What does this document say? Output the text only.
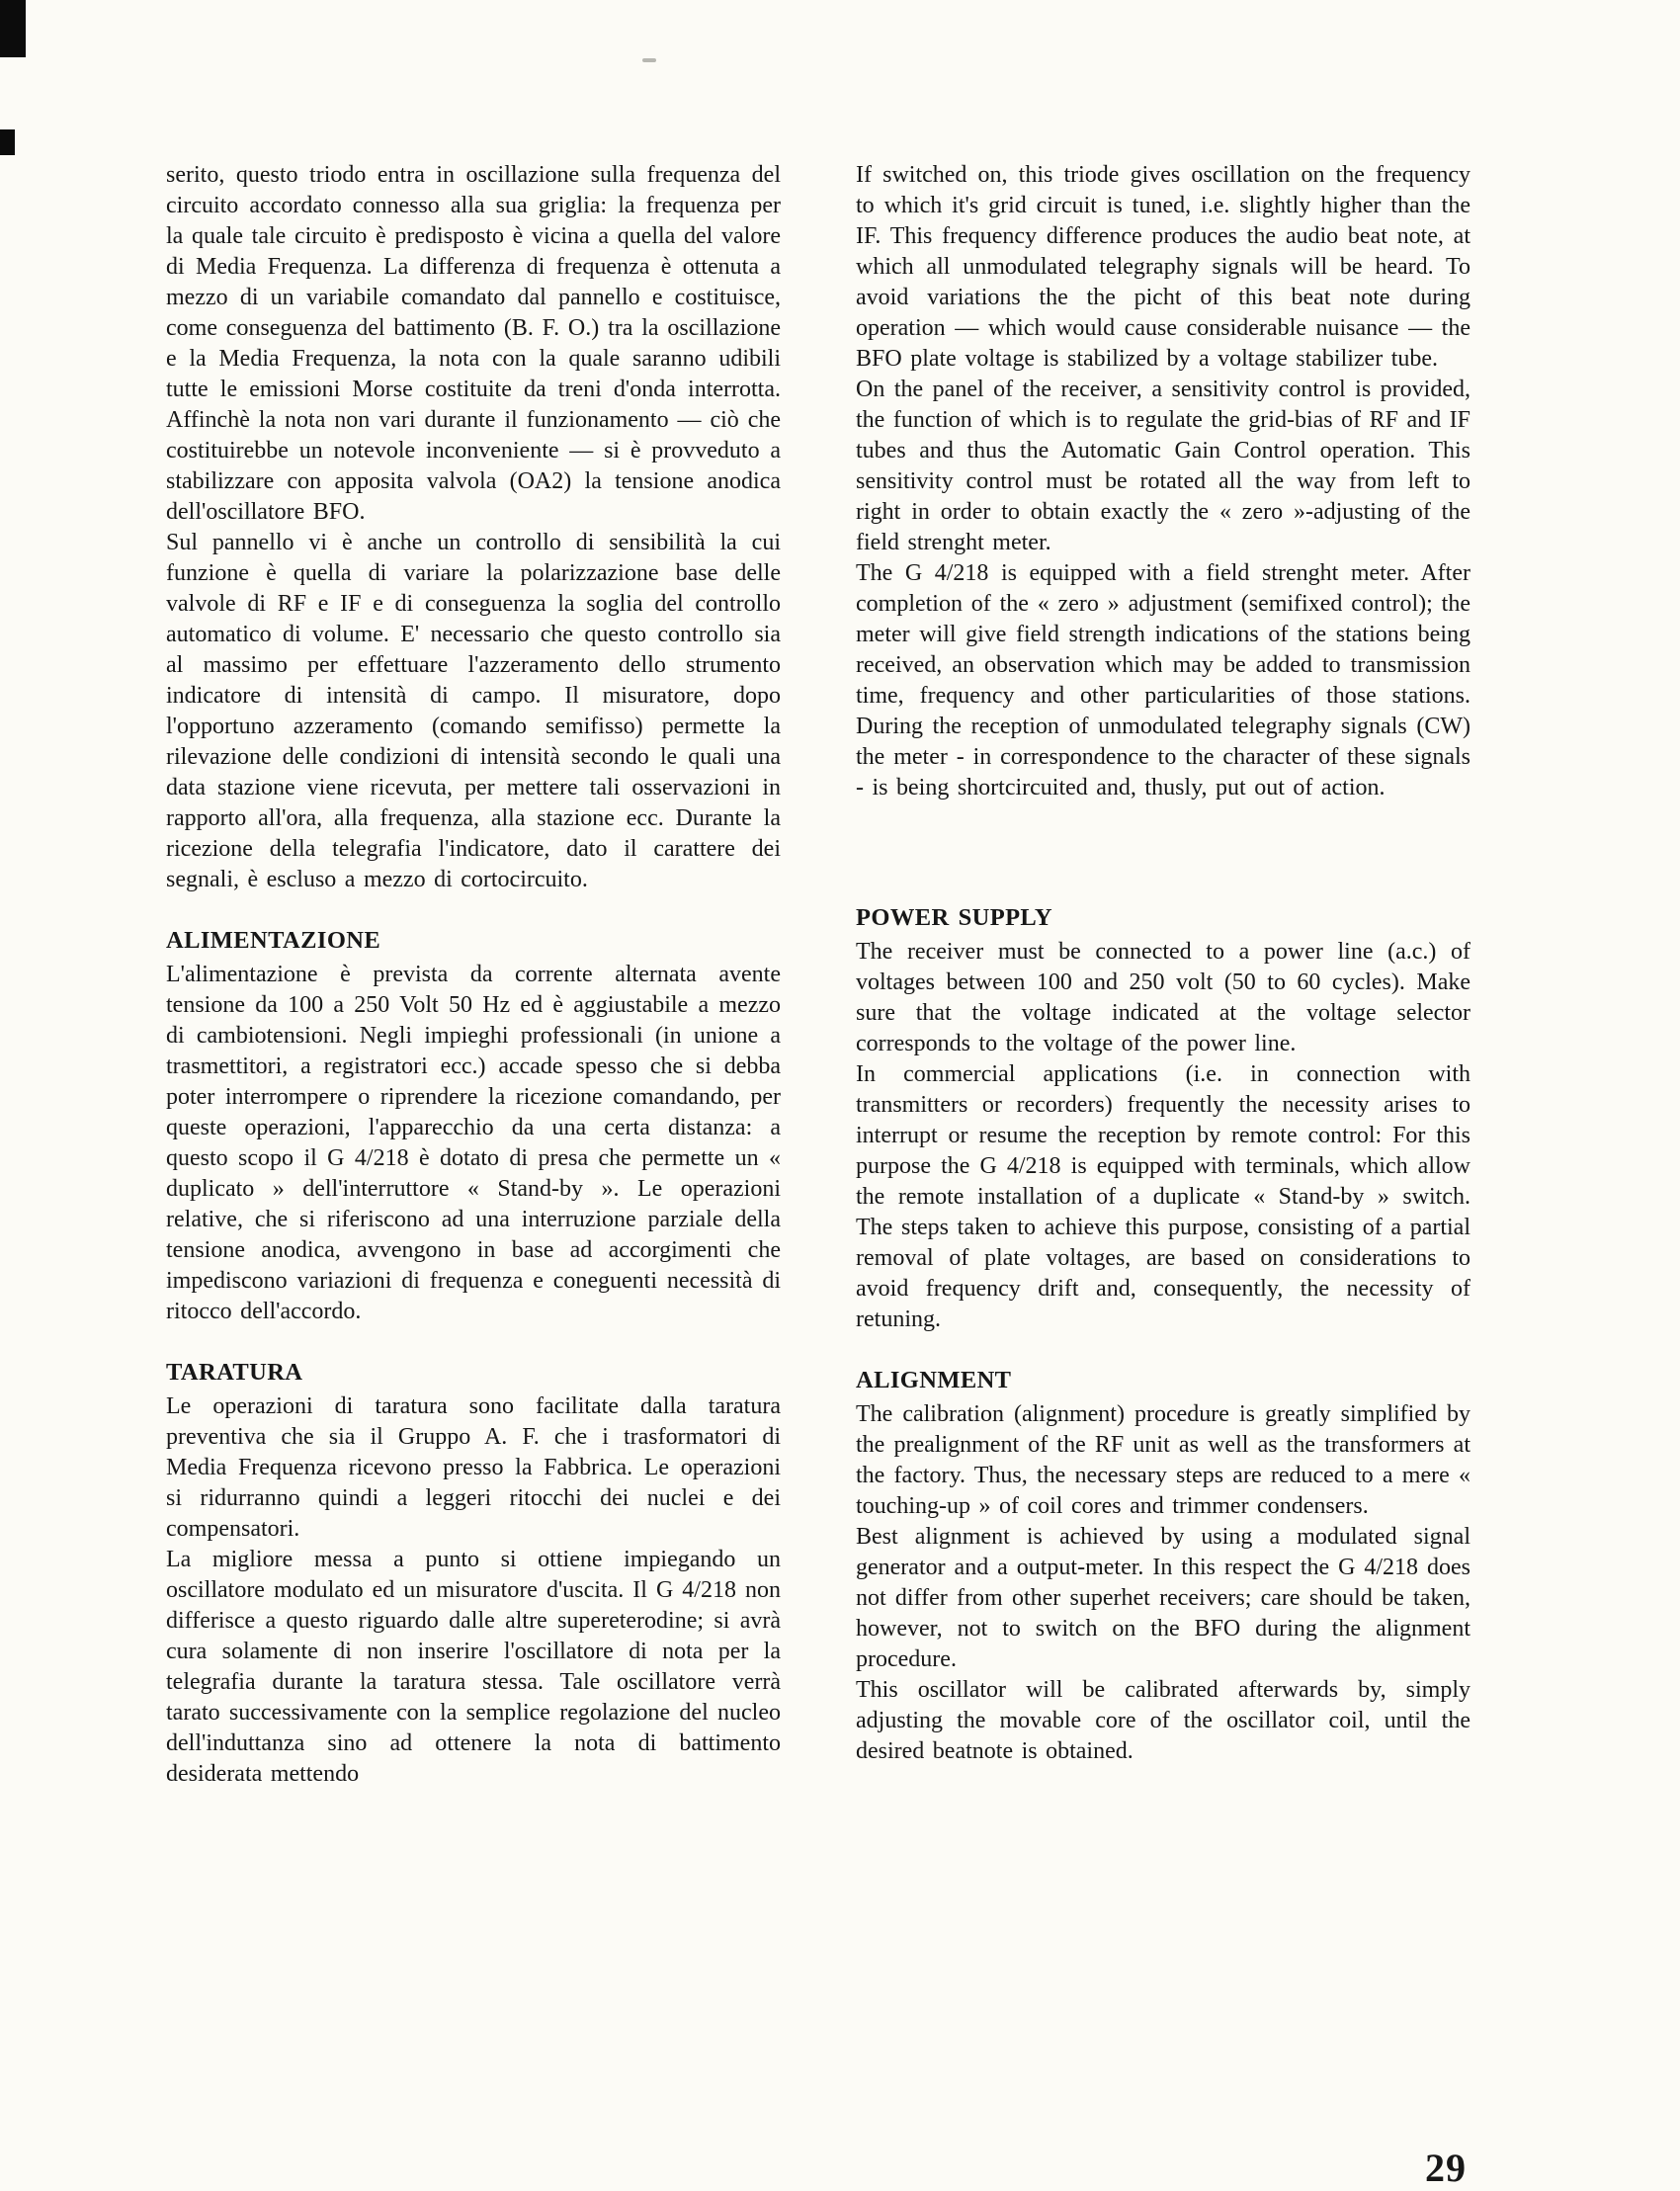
serito, questo triodo entra in oscillazione sulla frequenza del circuito accordato connesso alla sua griglia: la frequenza per la quale tale circuito è predisposto è vicina a quella del valore di Media Frequenza. La differenza di frequenza è ottenuta a mezzo di un variabile comandato dal pannello e costituisce, come conseguenza del battimento (B. F. O.) tra la oscillazione e la Media Frequenza, la nota con la quale saranno udibili tutte le emissioni Morse costituite da treni d'onda interrotta. Affinchè la nota non vari durante il funzionamento — ciò che costituirebbe un notevole inconveniente — si è provveduto a stabilizzare con apposita valvola (OA2) la tensione anodica dell'oscillatore BFO.

Sul pannello vi è anche un controllo di sensibilità la cui funzione è quella di variare la polarizzazione base delle valvole di RF e IF e di conseguenza la soglia del controllo automatico di volume. E' necessario che questo controllo sia al massimo per effettuare l'azzeramento dello strumento indicatore di intensità di campo. Il misuratore, dopo l'opportuno azzeramento (comando semifisso) permette la rilevazione delle condizioni di intensità secondo le quali una data stazione viene ricevuta, per mettere tali osservazioni in rapporto all'ora, alla frequenza, alla stazione ecc. Durante la ricezione della telegrafia l'indicatore, dato il carattere dei segnali, è escluso a mezzo di cortocircuito.

ALIMENTAZIONE

L'alimentazione è prevista da corrente alternata avente tensione da 100 a 250 Volt 50 Hz ed è aggiustabile a mezzo di cambiotensioni. Negli impieghi professionali (in unione a trasmettitori, a registratori ecc.) accade spesso che si debba poter interrompere o riprendere la ricezione comandando, per queste operazioni, l'apparecchio da una certa distanza: a questo scopo il G 4/218 è dotato di presa che permette un « duplicato » dell'interruttore « Stand-by ». Le operazioni relative, che si riferiscono ad una interruzione parziale della tensione anodica, avvengono in base ad accorgimenti che impediscono variazioni di frequenza e coneguenti necessità di ritocco dell'accordo.

TARATURA

Le operazioni di taratura sono facilitate dalla taratura preventiva che sia il Gruppo A. F. che i trasformatori di Media Frequenza ricevono presso la Fabbrica. Le operazioni si ridurranno quindi a leggeri ritocchi dei nuclei e dei compensatori.

La migliore messa a punto si ottiene impiegando un oscillatore modulato ed un misuratore d'uscita. Il G 4/218 non differisce a questo riguardo dalle altre supereterodine; si avrà cura solamente di non inserire l'oscillatore di nota per la telegrafia durante la taratura stessa. Tale oscillatore verrà tarato successivamente con la semplice regolazione del nucleo dell'induttanza sino ad ottenere la nota di battimento desiderata mettendo

If switched on, this triode gives oscillation on the frequency to which it's grid circuit is tuned, i.e. slightly higher than the IF. This frequency difference produces the audio beat note, at which all unmodulated telegraphy signals will be heard. To avoid variations the the picht of this beat note during operation — which would cause considerable nuisance — the BFO plate voltage is stabilized by a voltage stabilizer tube.

On the panel of the receiver, a sensitivity control is provided, the function of which is to regulate the grid-bias of RF and IF tubes and thus the Automatic Gain Control operation. This sensitivity control must be rotated all the way from left to right in order to obtain exactly the « zero »-adjusting of the field strenght meter.

The G 4/218 is equipped with a field strenght meter. After completion of the « zero » adjustment (semifixed control); the meter will give field strength indications of the stations being received, an observation which may be added to transmission time, frequency and other particularities of those stations. During the reception of unmodulated telegraphy signals (CW) the meter - in correspondence to the character of these signals - is being shortcircuited and, thusly, put out of action.

POWER SUPPLY

The receiver must be connected to a power line (a.c.) of voltages between 100 and 250 volt (50 to 60 cycles). Make sure that the voltage indicated at the voltage selector corresponds to the voltage of the power line.

In commercial applications (i.e. in connection with transmitters or recorders) frequently the necessity arises to interrupt or resume the reception by remote control: For this purpose the G 4/218 is equipped with terminals, which allow the remote installation of a duplicate « Stand-by » switch. The steps taken to achieve this purpose, consisting of a partial removal of plate voltages, are based on considerations to avoid frequency drift and, consequently, the necessity of retuning.

ALIGNMENT

The calibration (alignment) procedure is greatly simplified by the prealignment of the RF unit as well as the transformers at the factory. Thus, the necessary steps are reduced to a mere « touching-up » of coil cores and trimmer condensers.

Best alignment is achieved by using a modulated signal generator and a output-meter. In this respect the G 4/218 does not differ from other superhet receivers; care should be taken, however, not to switch on the BFO during the alignment procedure.

This oscillator will be calibrated afterwards by, simply adjusting the movable core of the oscillator coil, until the desired beatnote is obtained.

29
